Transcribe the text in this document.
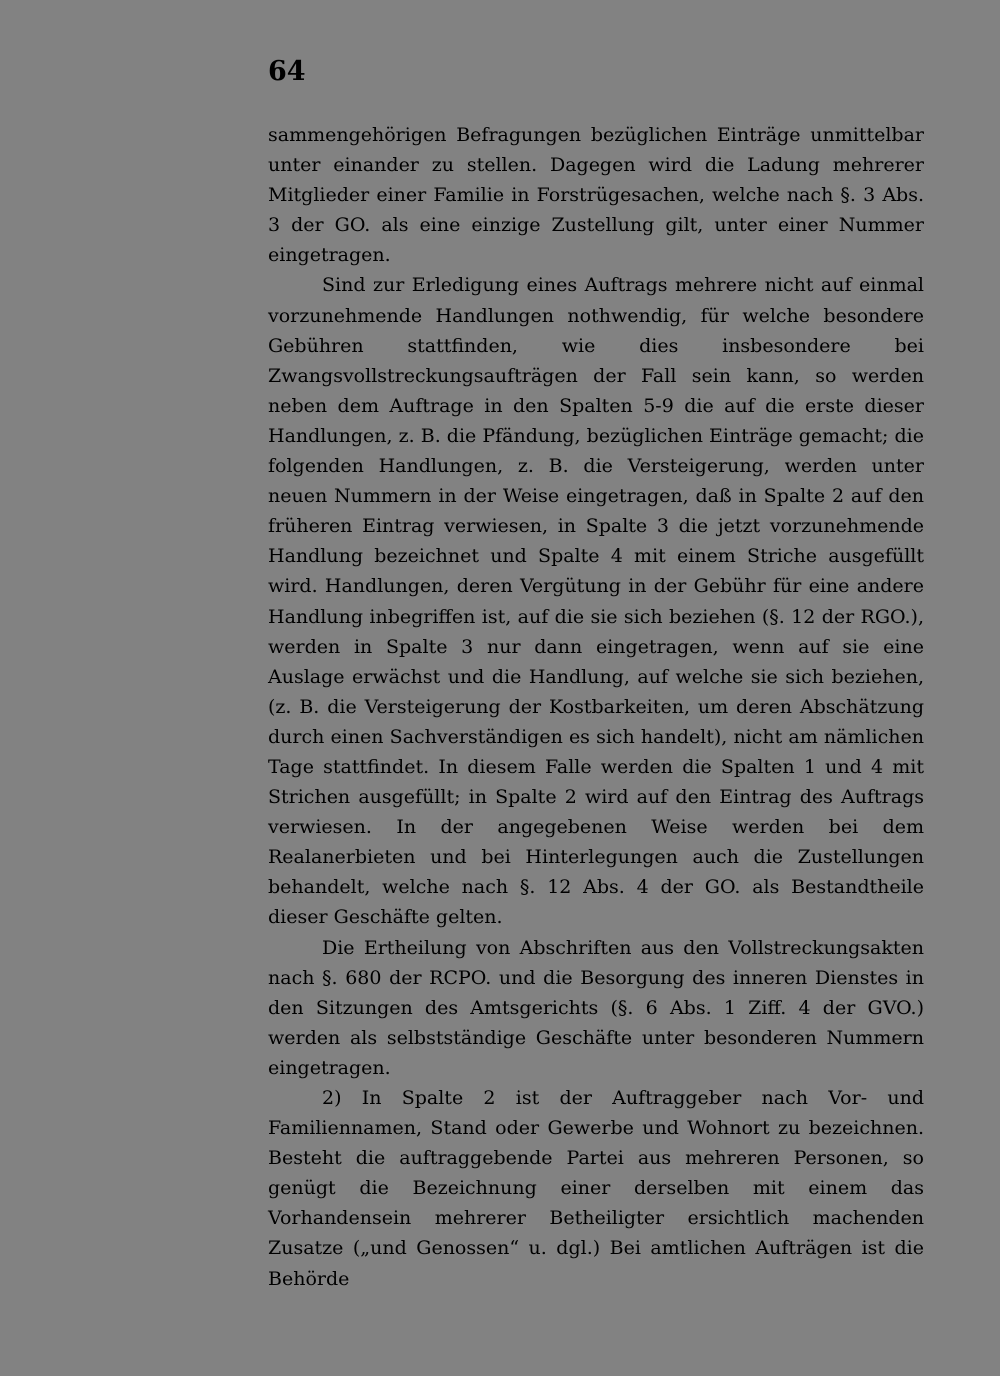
64

sammengehörigen Befragungen bezüglichen Einträge unmittelbar unter einander zu stellen. Dagegen wird die Ladung mehrerer Mitglieder einer Familie in Forstrügesachen, welche nach §. 3 Abs. 3 der GO. als eine einzige Zustellung gilt, unter einer Nummer eingetragen.

Sind zur Erledigung eines Auftrags mehrere nicht auf einmal vorzunehmende Handlungen nothwendig, für welche besondere Gebühren stattfinden, wie dies insbesondere bei Zwangsvollstreckungsaufträgen der Fall sein kann, so werden neben dem Auftrage in den Spalten 5-9 die auf die erste dieser Handlungen, z. B. die Pfändung, bezüglichen Einträge gemacht; die folgenden Handlungen, z. B. die Versteigerung, werden unter neuen Nummern in der Weise eingetragen, daß in Spalte 2 auf den früheren Eintrag verwiesen, in Spalte 3 die jetzt vorzunehmende Handlung bezeichnet und Spalte 4 mit einem Striche ausgefüllt wird. Handlungen, deren Vergütung in der Gebühr für eine andere Handlung inbegriffen ist, auf die sie sich beziehen (§. 12 der RGO.), werden in Spalte 3 nur dann eingetragen, wenn auf sie eine Auslage erwächst und die Handlung, auf welche sie sich beziehen, (z. B. die Versteigerung der Kostbarkeiten, um deren Abschätzung durch einen Sachverständigen es sich handelt), nicht am nämlichen Tage stattfindet. In diesem Falle werden die Spalten 1 und 4 mit Strichen ausgefüllt; in Spalte 2 wird auf den Eintrag des Auftrags verwiesen. In der angegebenen Weise werden bei dem Realanerbieten und bei Hinterlegungen auch die Zustellungen behandelt, welche nach §. 12 Abs. 4 der GO. als Bestandtheile dieser Geschäfte gelten.

Die Ertheilung von Abschriften aus den Vollstreckungsakten nach §. 680 der RCPO. und die Besorgung des inneren Dienstes in den Sitzungen des Amtsgerichts (§. 6 Abs. 1 Ziff. 4 der GVO.) werden als selbstständige Geschäfte unter besonderen Nummern eingetragen.

2) In Spalte 2 ist der Auftraggeber nach Vor- und Familiennamen, Stand oder Gewerbe und Wohnort zu bezeichnen. Besteht die auftraggebende Partei aus mehreren Personen, so genügt die Bezeichnung einer derselben mit einem das Vorhandensein mehrerer Betheiligter ersichtlich machenden Zusatze („und Genossen“ u. dgl.) Bei amtlichen Aufträgen ist die Behörde
